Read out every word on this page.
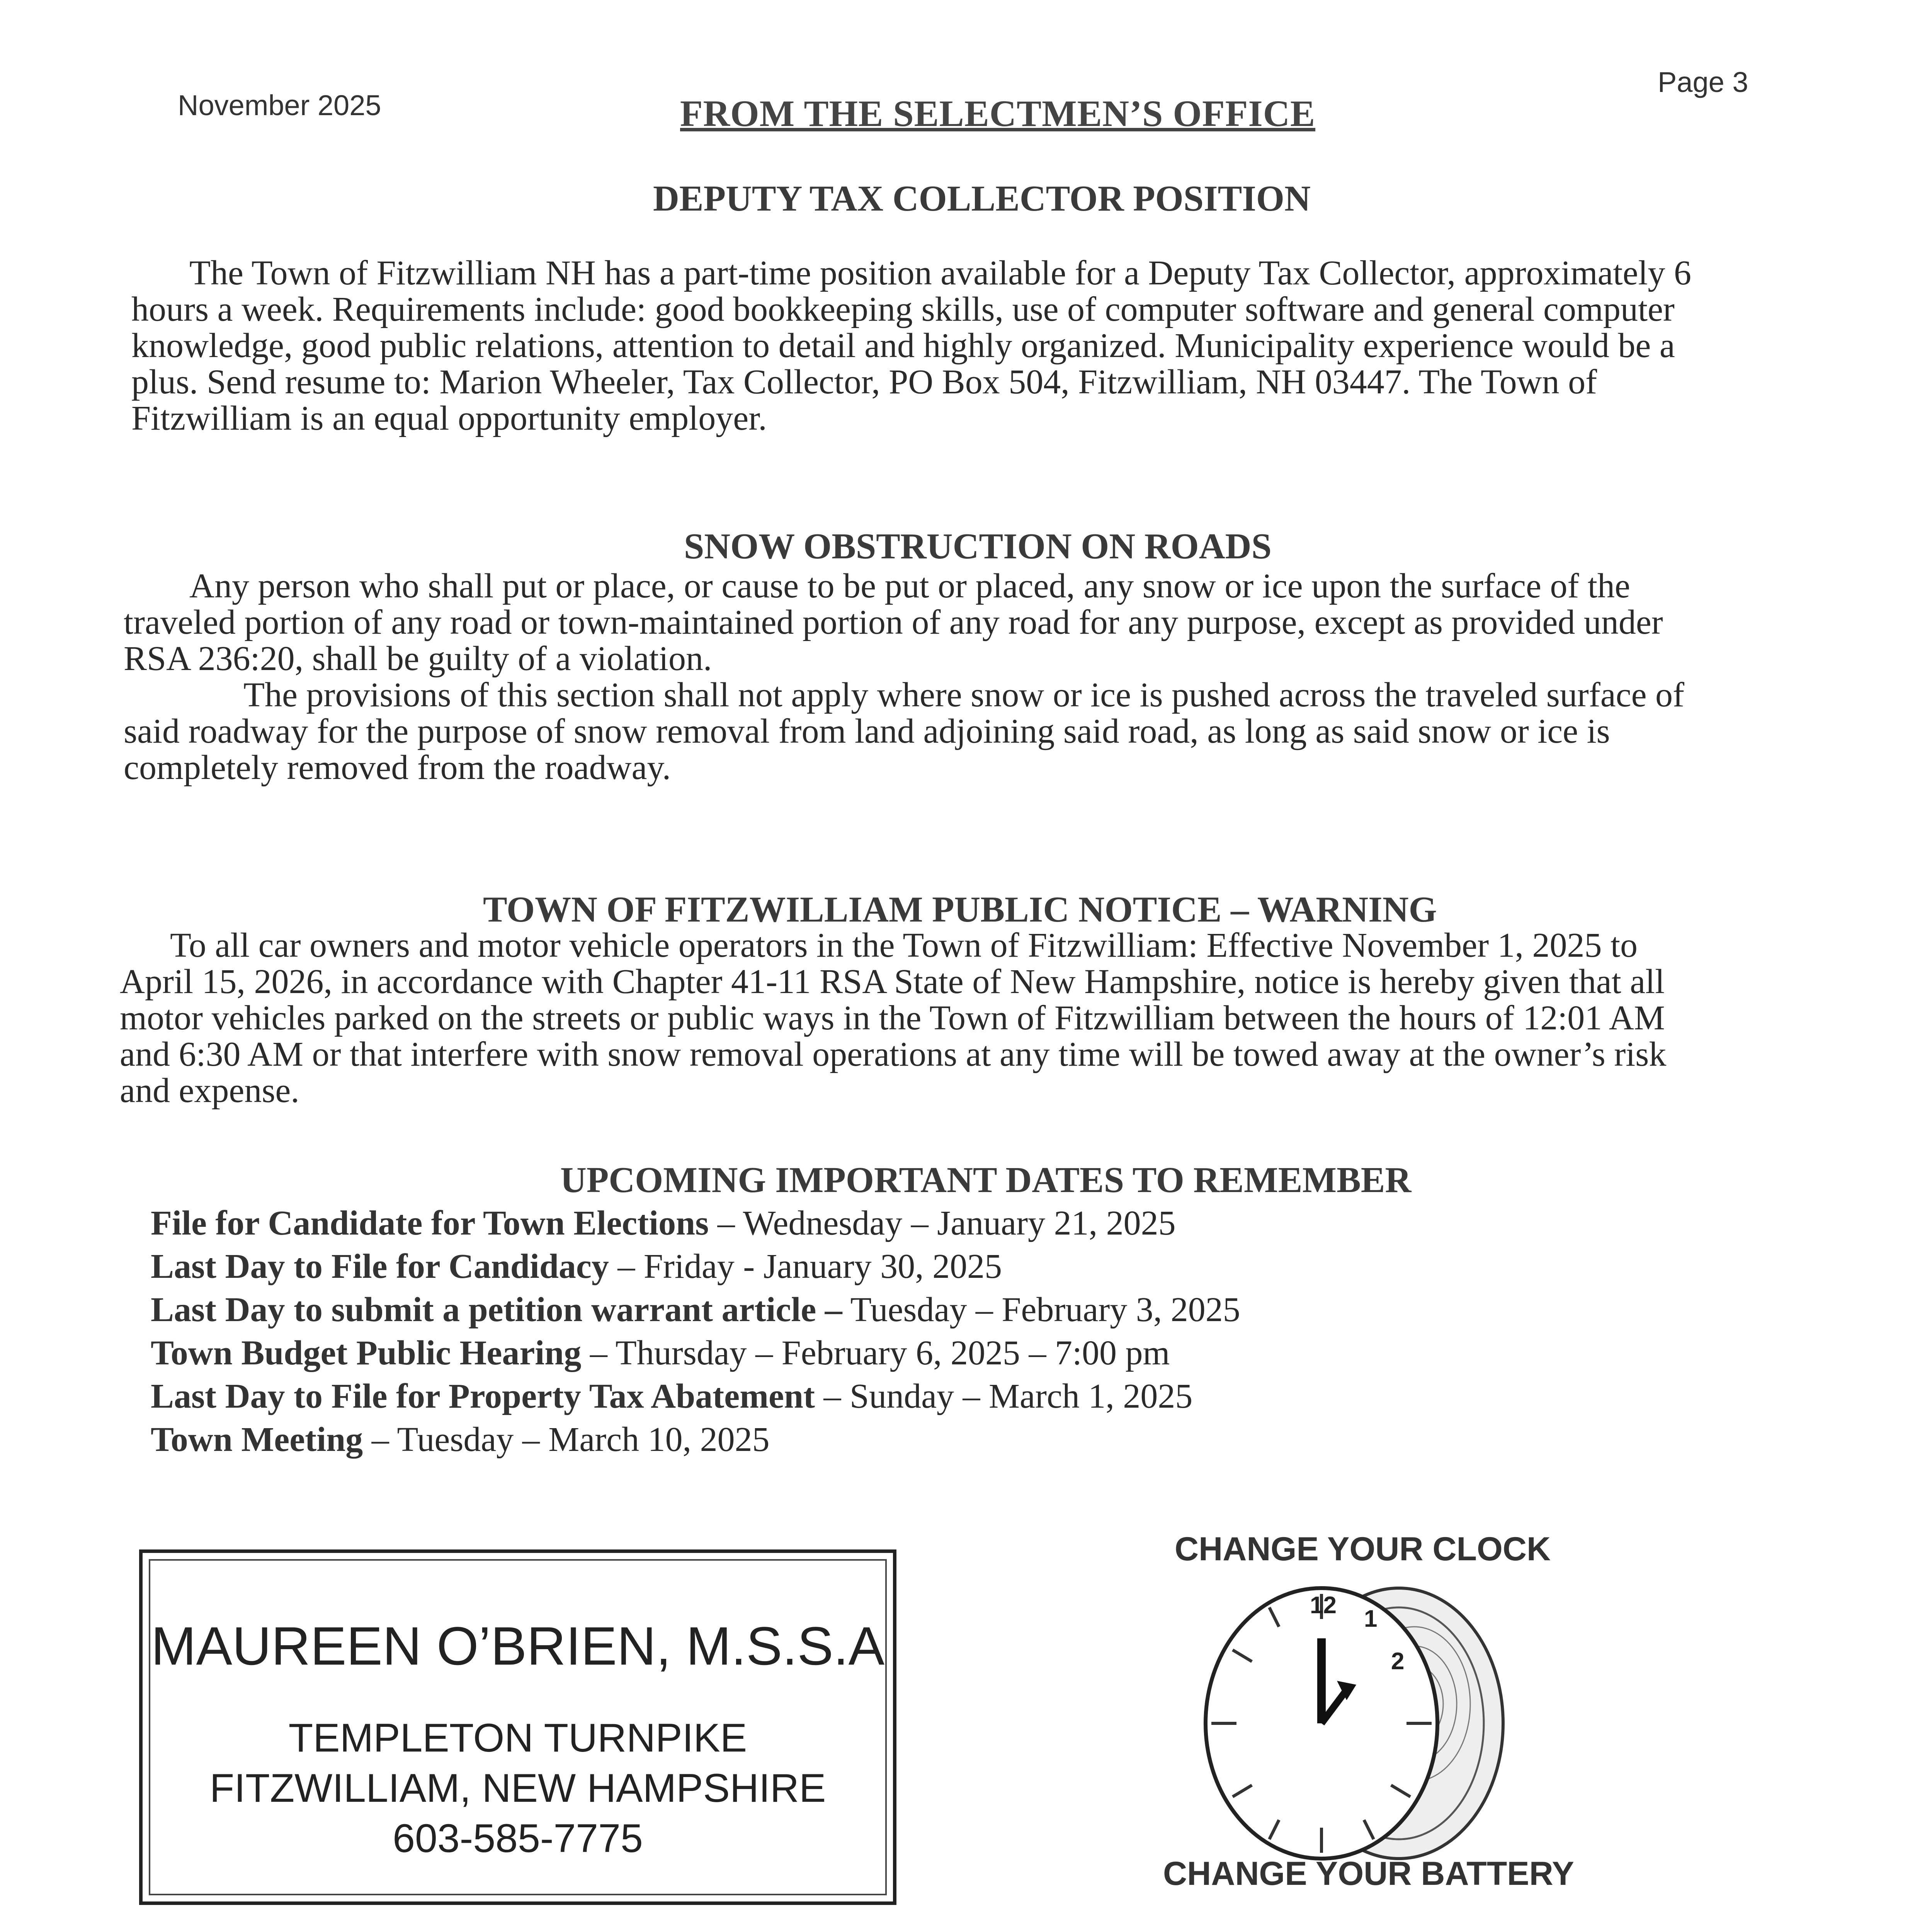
November 2025	FROM THE SELECTMEN’S OFFICE
Page 3
DEPUTY TAX COLLECTOR POSITION
The Town of Fitzwilliam NH has a part-time position available for a Deputy Tax Collector, approximately 6
hours a week. Requirements include: good bookkeeping skills, use of computer software and general computer
knowledge, good public relations, attention to detail and highly organized. Municipality experience would be a
plus. Send resume to: Marion Wheeler, Tax Collector, PO Box 504, Fitzwilliam, NH 03447. The Town of
Fitzwilliam is an equal opportunity employer.
SNOW OBSTRUCTION ON ROADS
Any person who shall put or place, or cause to be put or placed, any snow or ice upon the surface of the
traveled portion of any road or town-maintained portion of any road for any purpose, except as provided under
RSA 236:20, shall be guilty of a violation.
The provisions of this section shall not apply where snow or ice is pushed across the traveled surface of
said roadway for the purpose of snow removal from land adjoining said road, as long as said snow or ice is
completely removed from the roadway.
TOWN OF FITZWILLIAM PUBLIC NOTICE – WARNING
To all car owners and motor vehicle operators in the Town of Fitzwilliam: Effective November 1, 2025 to
April 15, 2026, in accordance with Chapter 41-11 RSA State of New Hampshire, notice is hereby given that all
motor vehicles parked on the streets or public ways in the Town of Fitzwilliam between the hours of 12:01 AM
and 6:30 AM or that interfere with snow removal operations at any time will be towed away at the owner’s risk
and expense.
UPCOMING IMPORTANT DATES TO REMEMBER
File for Candidate for Town Elections – Wednesday – January 21, 2025
Last Day to File for Candidacy – Friday - January 30, 2025
Last Day to submit a petition warrant article – Tuesday – February 3, 2025
Town Budget Public Hearing – Thursday – February 6, 2025 – 7:00 pm
Last Day to File for Property Tax Abatement – Sunday – March 1, 2025
Town Meeting – Tuesday – March 10, 2025
MAUREEN O’BRIEN, M.S.S.A
TEMPLETON TURNPIKE
FITZWILLIAM, NEW HAMPSHIRE
603-585-7775
CHANGE YOUR CLOCK
12
1
2
CHANGE YOUR BATTERY
